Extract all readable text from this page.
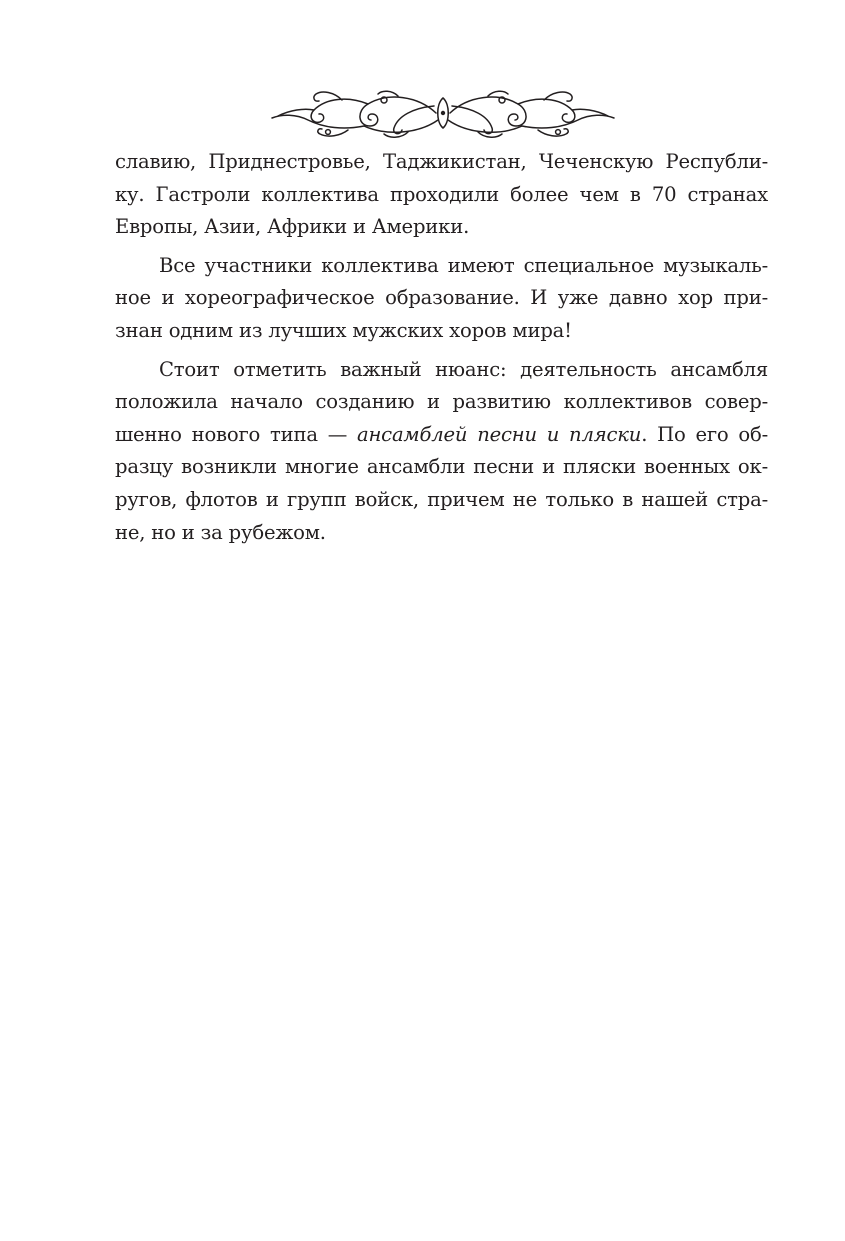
славию, Приднестровье, Таджикистан, Чеченскую Республи-
ку. Гастроли коллектива проходили более чем в 70 странах
Европы, Азии, Африки и Америки.
Все участники коллектива имеют специальное музыкаль-
ное и хореографическое образование. И уже давно хор при-
знан одним из лучших мужских хоров мира!
Стоит отметить важный нюанс: деятельность ансамбля
положила начало созданию и развитию коллективов совер-
шенно нового типа — ансамблей песни и пляски. По его об-
разцу возникли многие ансамбли песни и пляски военных ок-
ругов, флотов и групп войск, причем не только в нашей стра-
не, но и за рубежом.
